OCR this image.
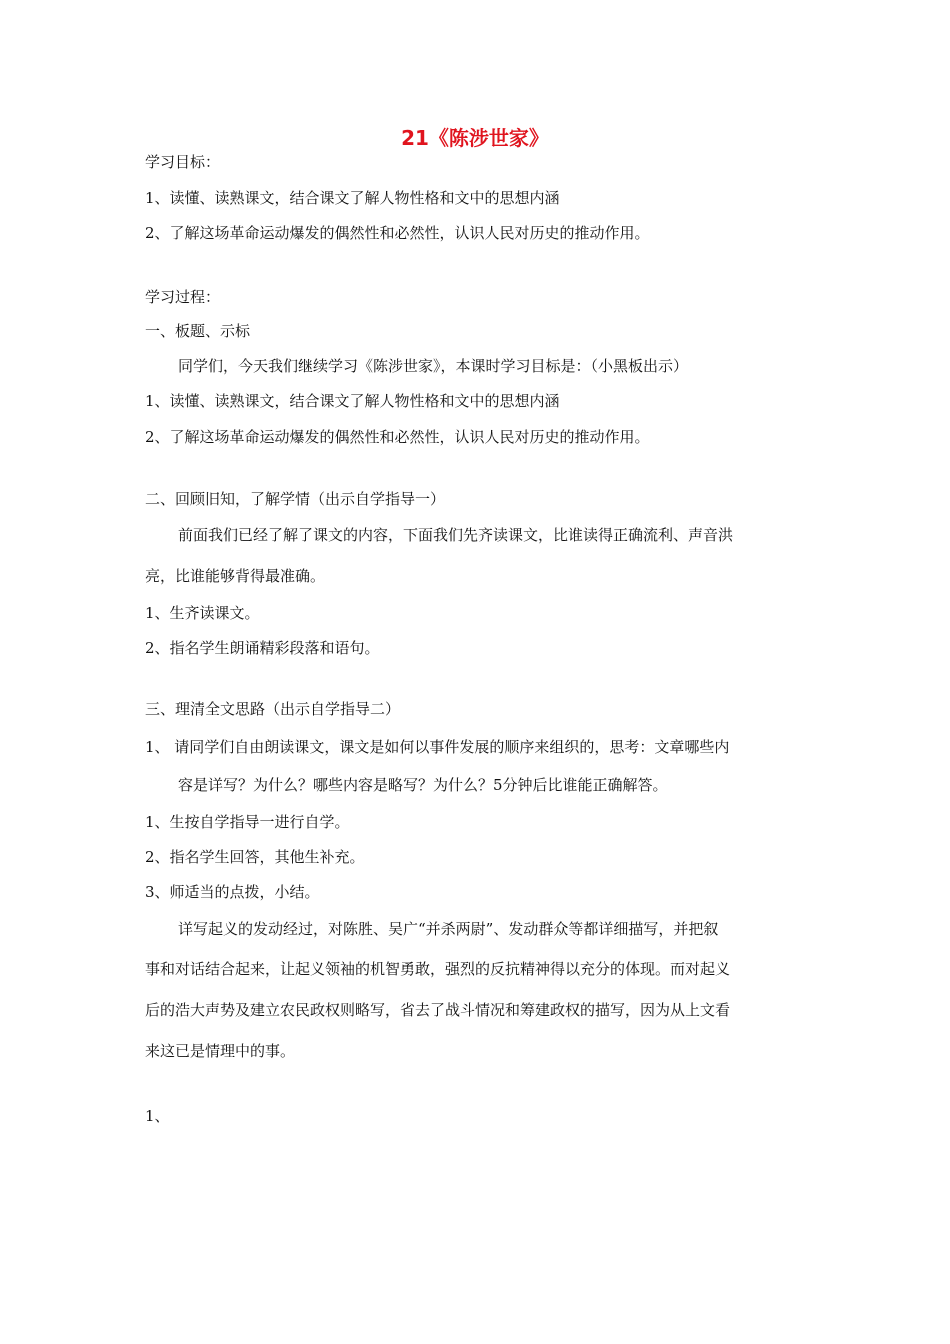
21《陈涉世家》
学习目标：
1、读懂、读熟课文，结合课文了解人物性格和文中的思想内涵
2、了解这场革命运动爆发的偶然性和必然性，认识人民对历史的推动作用。
学习过程：
一、板题、示标
同学们，今天我们继续学习《陈涉世家》，本课时学习目标是：（小黑板出示）
1、读懂、读熟课文，结合课文了解人物性格和文中的思想内涵
2、了解这场革命运动爆发的偶然性和必然性，认识人民对历史的推动作用。
二、回顾旧知，了解学情（出示自学指导一）
前面我们已经了解了课文的内容，下面我们先齐读课文，比谁读得正确流利、声音洪
亮，比谁能够背得最准确。
1、生齐读课文。
2、指名学生朗诵精彩段落和语句。
三、理清全文思路（出示自学指导二）
1、 请同学们自由朗读课文，课文是如何以事件发展的顺序来组织的，思考：文章哪些内
容是详写？为什么？哪些内容是略写？为什么？5分钟后比谁能正确解答。
1、生按自学指导一进行自学。
2、指名学生回答，其他生补充。
3、师适当的点拨，小结。
详写起义的发动经过，对陈胜、吴广“并杀两尉”、发动群众等都详细描写，并把叙
事和对话结合起来，让起义领袖的机智勇敢，强烈的反抗精神得以充分的体现。而对起义
后的浩大声势及建立农民政权则略写，省去了战斗情况和筹建政权的描写，因为从上文看
来这已是情理中的事。
1、
